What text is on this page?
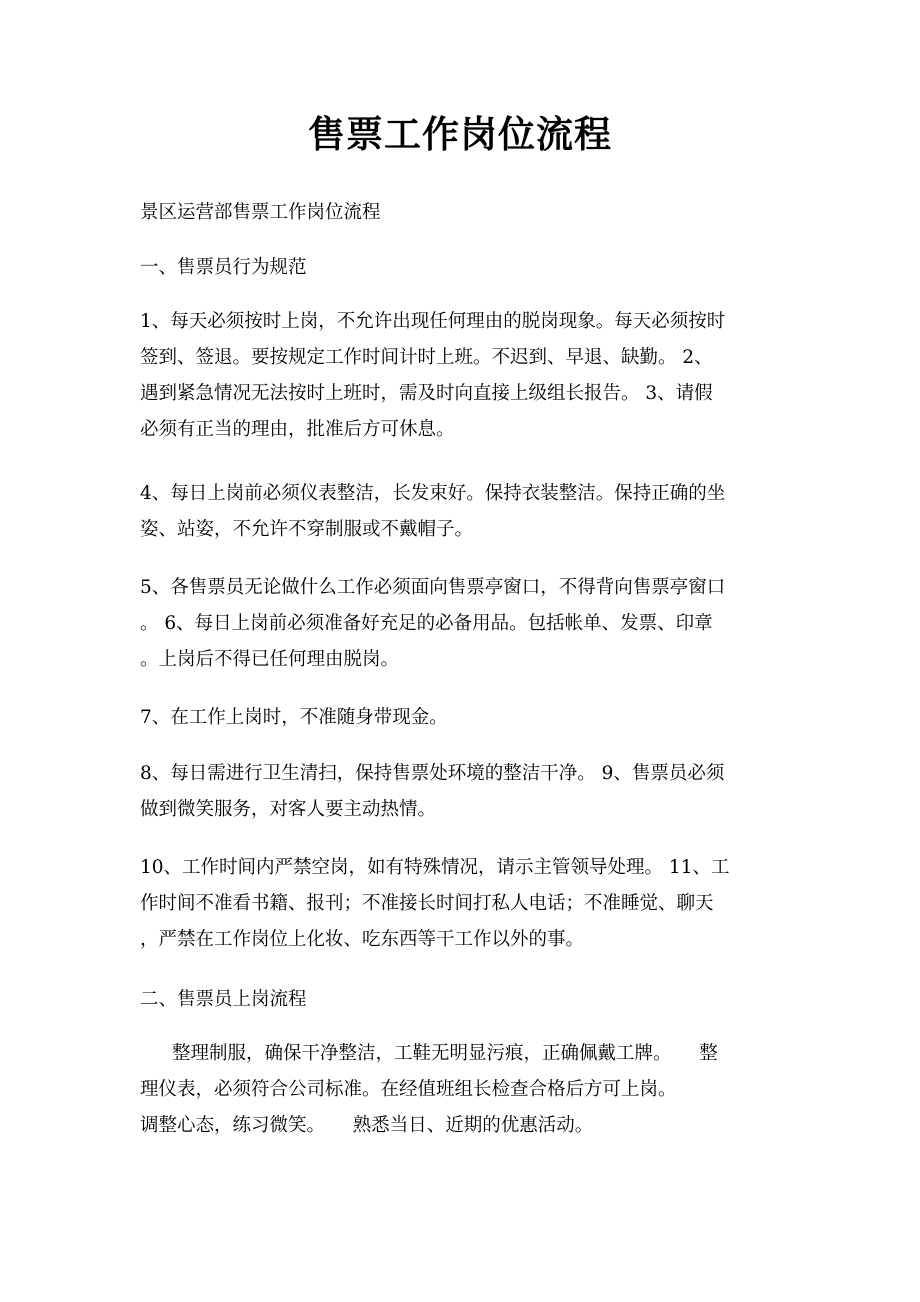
售票工作岗位流程

景区运营部售票工作岗位流程

一、售票员行为规范

1、每天必须按时上岗，不允许出现任何理由的脱岗现象。每天必须按时
签到、签退。要按规定工作时间计时上班。不迟到、早退、缺勤。 2、
遇到紧急情况无法按时上班时，需及时向直接上级组长报告。 3、请假
必须有正当的理由，批准后方可休息。

4、每日上岗前必须仪表整洁，长发束好。保持衣装整洁。保持正确的坐
姿、站姿，不允许不穿制服或不戴帽子。

5、各售票员无论做什么工作必须面向售票亭窗口，不得背向售票亭窗口
。 6、每日上岗前必须准备好充足的必备用品。包括帐单、发票、印章
。上岗后不得已任何理由脱岗。

7、在工作上岗时，不准随身带现金。

8、每日需进行卫生清扫，保持售票处环境的整洁干净。 9、售票员必须
做到微笑服务，对客人要主动热情。

10、工作时间内严禁空岗，如有特殊情况，请示主管领导处理。 11、工
作时间不准看书籍、报刊；不准接长时间打私人电话；不准睡觉、聊天
，严禁在工作岗位上化妆、吃东西等干工作以外的事。

二、售票员上岗流程

整理制服，确保干净整洁，工鞋无明显污痕，正确佩戴工牌。　　整
理仪表，必须符合公司标准。在经值班组长检查合格后方可上岗。
调整心态，练习微笑。　　熟悉当日、近期的优惠活动。
